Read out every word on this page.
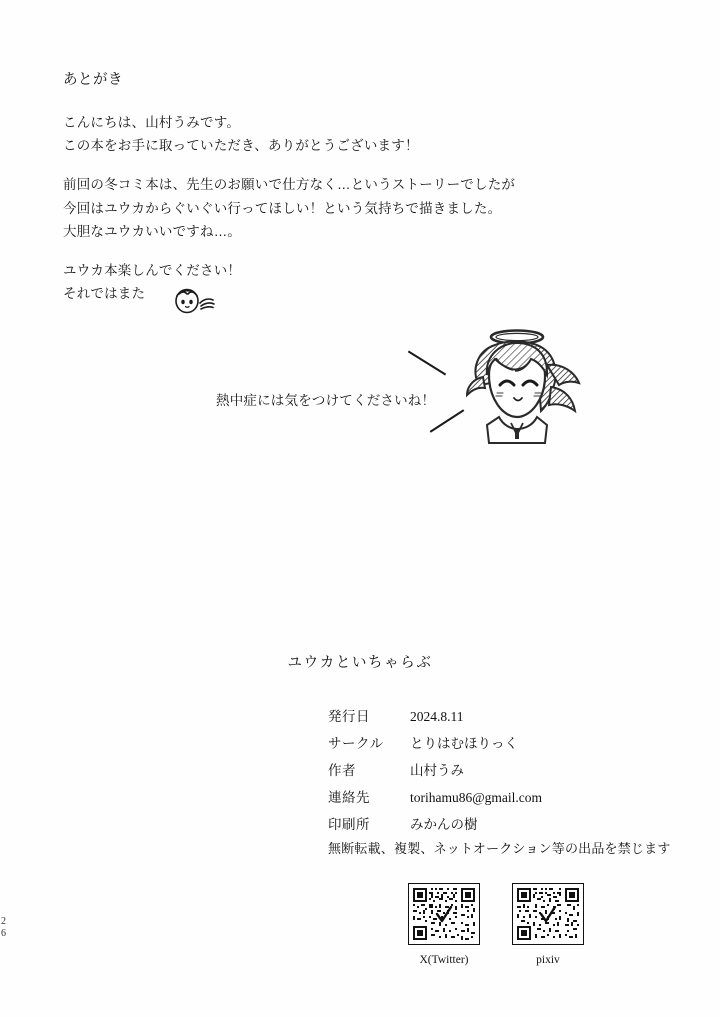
あとがき

こんにちは、山村うみです。
この本をお手に取っていただき、ありがとうございます！

前回の冬コミ本は、先生のお願いで仕方なく…というストーリーでしたが
今回はユウカからぐいぐい行ってほしい！という気持ちで描きました。
大胆なユウカいいですね…。

ユウカ本楽しんでください！
それではまた

熱中症には気をつけてくださいね！
ユウカといちゃらぶ
発行日	2024.8.11
サークル	とりはむほりっく
作者	山村うみ
連絡先	torihamu86@gmail.com
印刷所	みかんの樹
無断転載、複製、ネットオークション等の出品を禁じます
X(Twitter)	pixiv
2
6
